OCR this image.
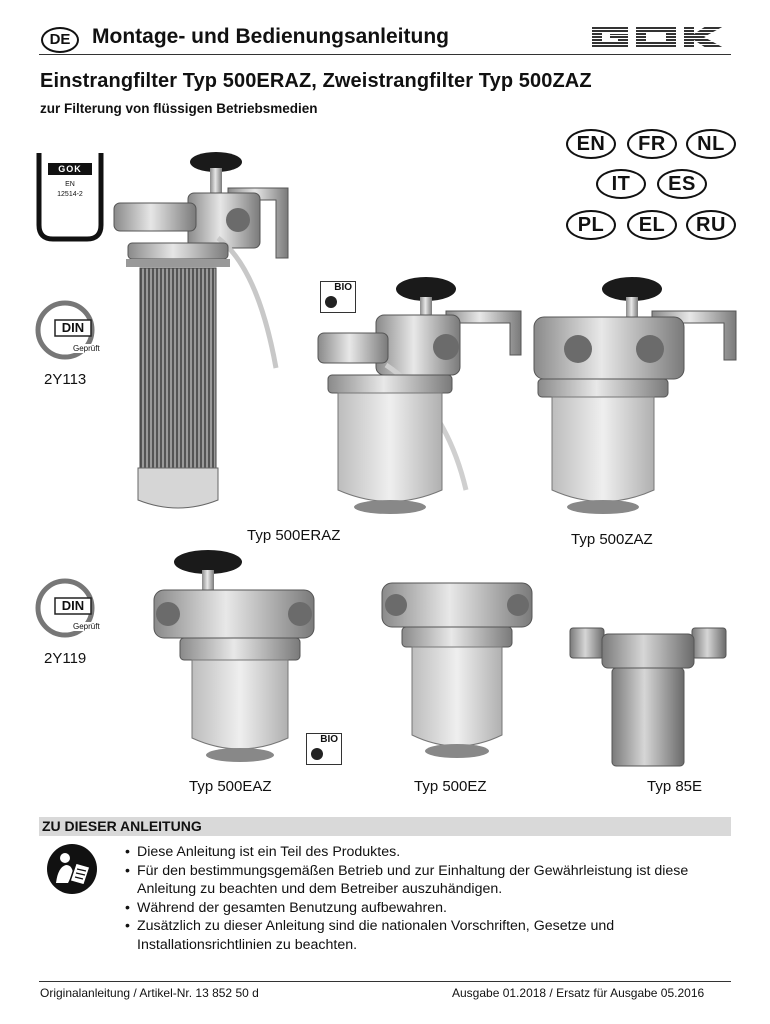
DE	Montage- und Bedienungsanleitung
Einstrangfilter Typ 500ERAZ, Zweistrangfilter Typ 500ZAZ
zur Filterung von flüssigen Betriebsmedien
EN	FR	NL
IT	ES
PL	EL	RU
GOK
EN
12514-2
DIN
Geprüft
2Y113
DIN
Geprüft
2Y119
BIO
Typ 500ERAZ	Typ 500ZAZ
BIO
Typ 500EAZ	Typ 500EZ	Typ 85E
ZU DIESER ANLEITUNG
• Diese Anleitung ist ein Teil des Produktes.
• Für den bestimmungsgemäßen Betrieb und zur Einhaltung der Gewährleistung ist diese Anleitung zu beachten und dem Betreiber auszuhändigen.
• Während der gesamten Benutzung aufbewahren.
• Zusätzlich zu dieser Anleitung sind die nationalen Vorschriften, Gesetze und Installationsrichtlinien zu beachten.
Originalanleitung / Artikel-Nr. 13 852 50 d	Ausgabe 01.2018 / Ersatz für Ausgabe 05.2016
